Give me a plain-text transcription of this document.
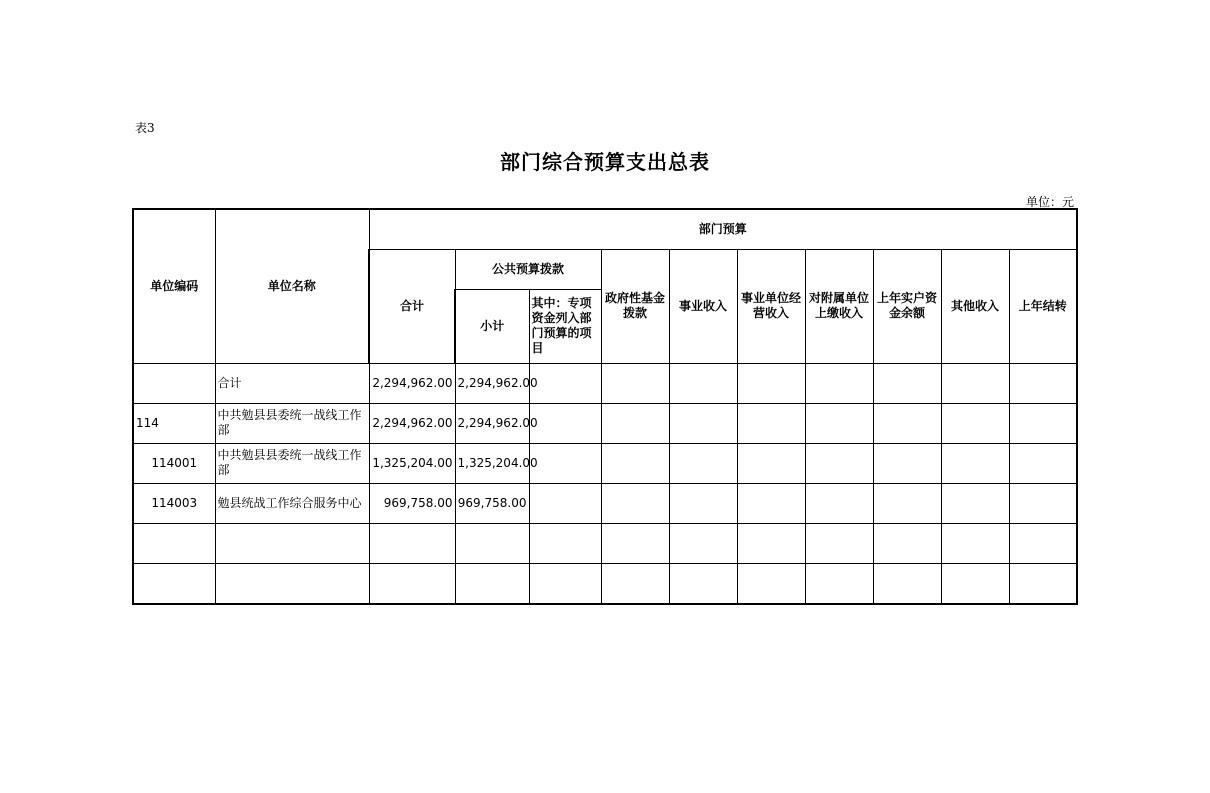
表3
部门综合预算支出总表
单位：元
单位编码	单位名称	部门预算									
		合计	公共预算拨款		政府性基金拨款	事业收入	事业单位经营收入	对附属单位上缴收入	上年实户资金余额	其他收入	上年结转
			小计	其中：专项资金列入部门预算的项目							
	合计	2,294,962.00	2,294,962.00								
114	中共勉县县委统一战线工作部	2,294,962.00	2,294,962.00								
114001	中共勉县县委统一战线工作部	1,325,204.00	1,325,204.00								
114003	勉县统战工作综合服务中心	969,758.00	969,758.00								
